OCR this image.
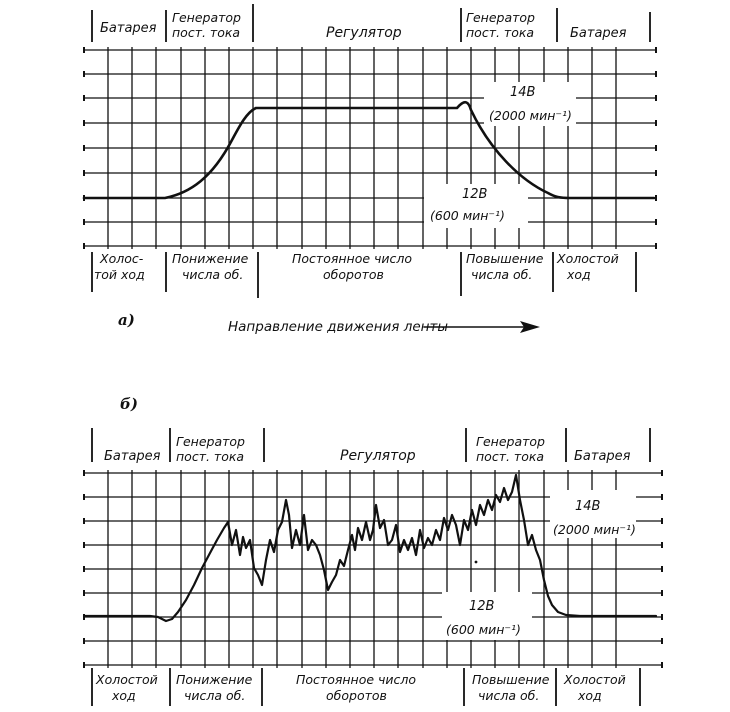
Батарея
Генератор
пост. тока	Регулятор
Генератор
пост. тока	Батарея
Холос-
той ход
Понижение
числа об.
Постоянное число
оборотов
Повышение
числа об.
Холостой
ход
14В
(2000 мин⁻¹)
12В
(600 мин⁻¹)
а)	Направление движения ленты
б)
Батарея
Генератор
пост. тока	Регулятор
Генератор
пост. тока Батарея
Холостой
ход
Понижение
числа об.
Постоянное число
оборотов
Повышение
числа об.
Холостой
ход
14В
(2000 мин⁻¹)
12В
(600 мин⁻¹)
